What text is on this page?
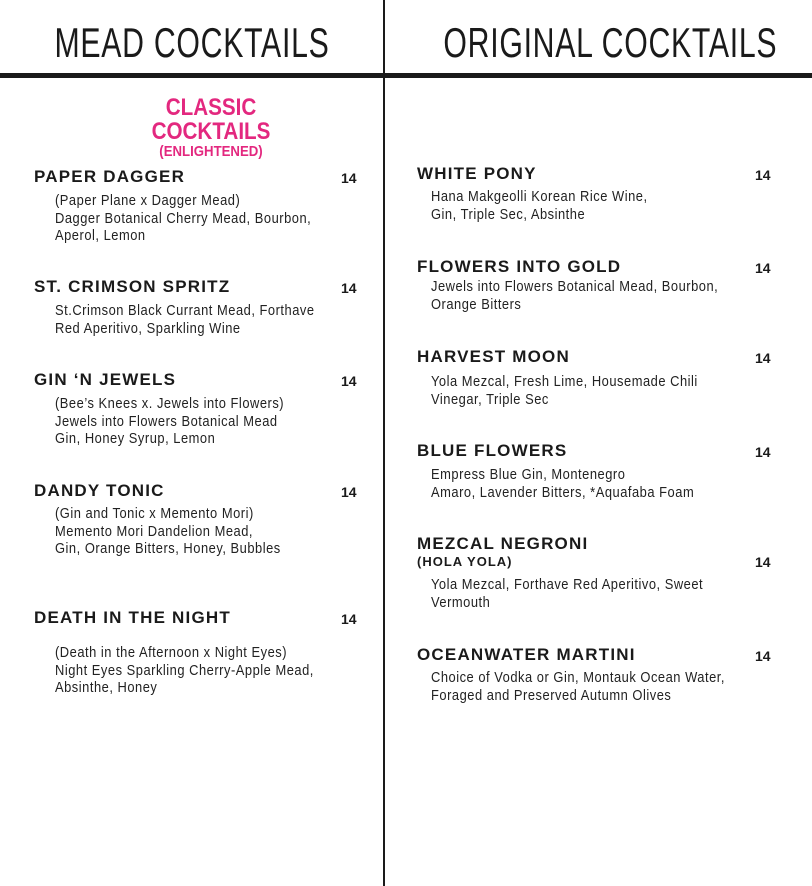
MEAD COCKTAILS	ORIGINAL COCKTAILS
CLASSIC COCKTAILS
(ENLIGHTENED)
PAPER DAGGER	14
(Paper Plane x Dagger Mead)
Dagger Botanical Cherry Mead, Bourbon,
Aperol, Lemon
ST. CRIMSON SPRITZ	14
St.Crimson Black Currant Mead, Forthave
Red Aperitivo, Sparkling Wine
GIN ‘N JEWELS	14
(Bee’s Knees x. Jewels into Flowers)
Jewels into Flowers Botanical Mead
Gin, Honey Syrup, Lemon
DANDY TONIC	14
(Gin and Tonic x Memento Mori)
Memento Mori Dandelion Mead,
Gin, Orange Bitters, Honey, Bubbles
DEATH IN THE NIGHT	14
(Death in the Afternoon x Night Eyes)
Night Eyes Sparkling Cherry-Apple Mead,
Absinthe, Honey
WHITE PONY	14
Hana Makgeolli Korean Rice Wine,
Gin, Triple Sec, Absinthe
FLOWERS INTO GOLD	14
Jewels into Flowers Botanical Mead, Bourbon,
Orange Bitters
HARVEST MOON	14
Yola Mezcal, Fresh Lime, Housemade Chili
Vinegar, Triple Sec
BLUE FLOWERS	14
Empress Blue Gin, Montenegro
Amaro, Lavender Bitters, *Aquafaba Foam
MEZCAL NEGRONI
(HOLA YOLA)	14
Yola Mezcal, Forthave Red Aperitivo, Sweet
Vermouth
OCEANWATER MARTINI	14
Choice of Vodka or Gin, Montauk Ocean Water,
Foraged and Preserved Autumn Olives
